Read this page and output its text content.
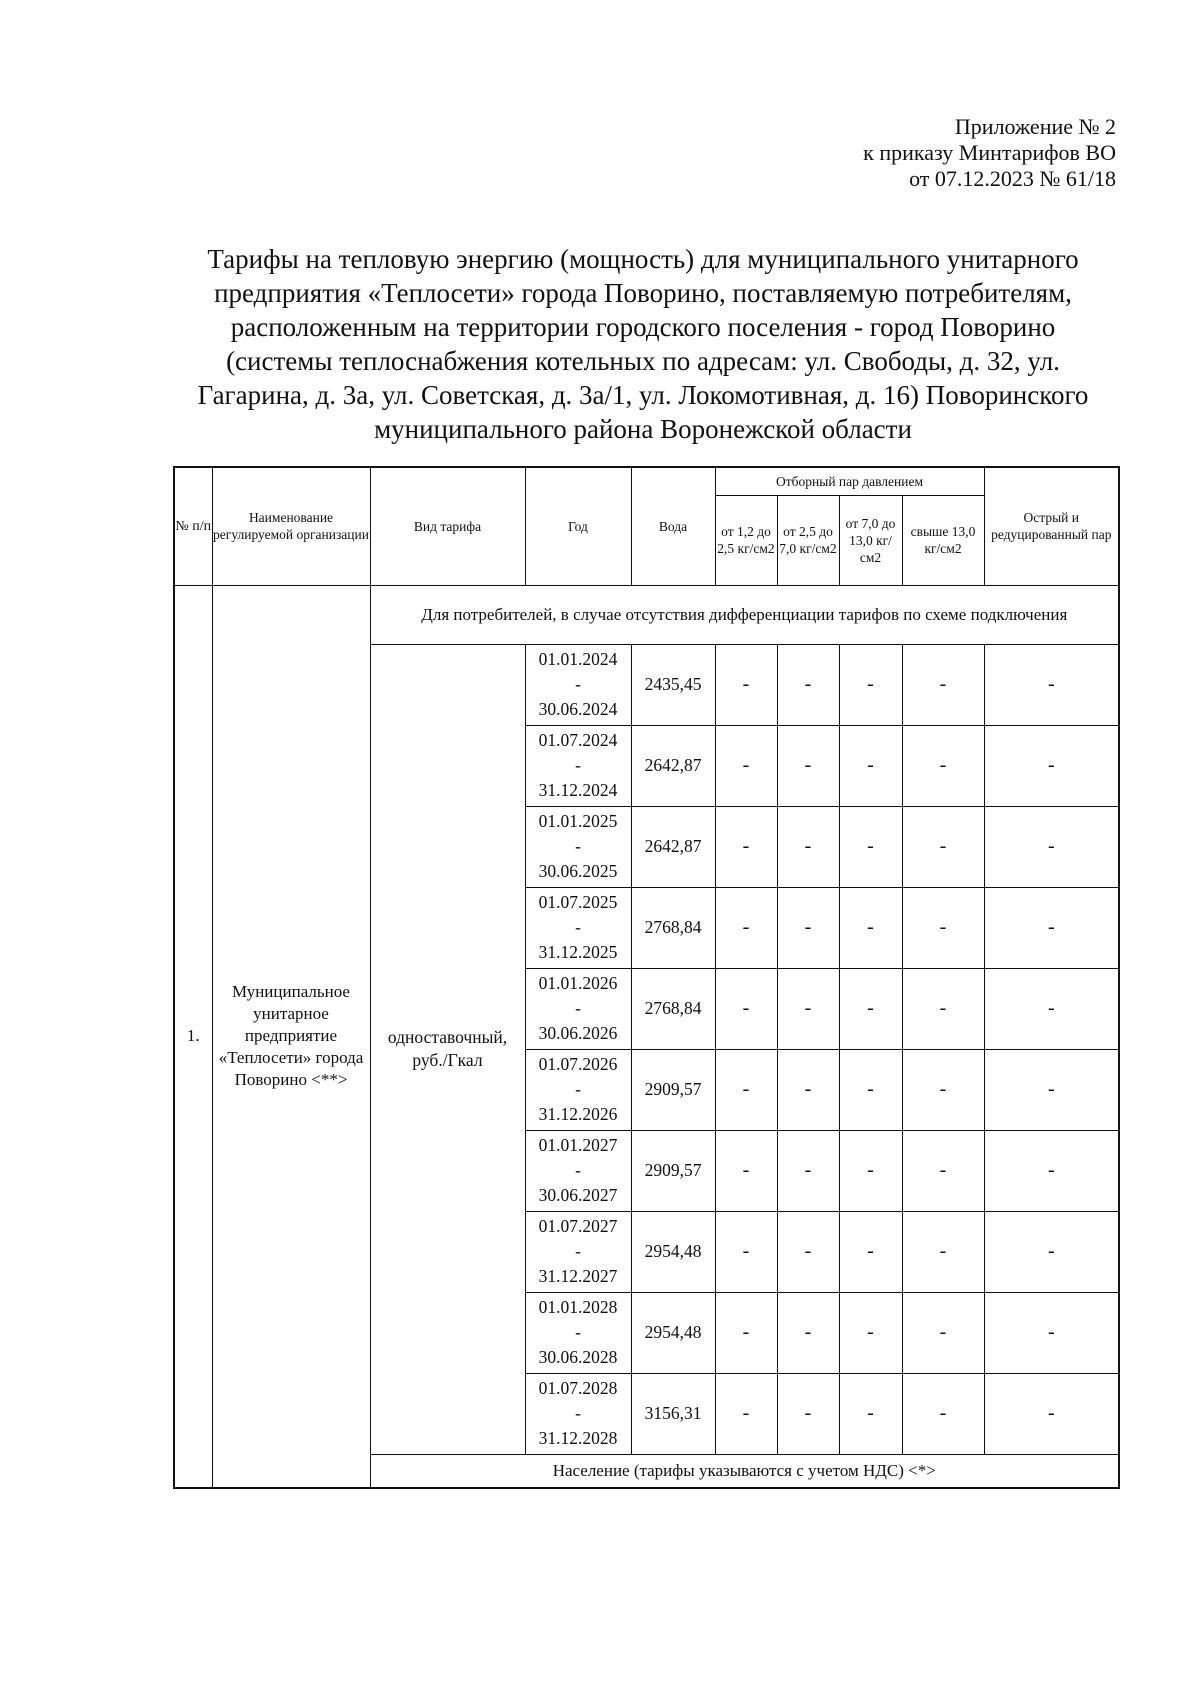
Приложение № 2
к приказу Минтарифов ВО
от 07.12.2023 № 61/18
Тарифы на тепловую энергию (мощность) для муниципального унитарного
предприятия «Теплосети» города Поворино, поставляемую потребителям,
расположенным на территории городского поселения - город Поворино
(системы теплоснабжения котельных по адресам: ул. Свободы, д. 32, ул.
Гагарина, д. 3а, ул. Советская, д. 3а/1, ул. Локомотивная, д. 16) Поворинского
муниципального района Воронежской области
№ п/п	Наименование регулируемой организации	Вид тарифа	Год	Вода	Отборный пар давлением				Острый и редуцированный пар
					от 1,2 до 2,5 кг/см2	от 2,5 до 7,0 кг/см2	от 7,0 до 13,0 кг/см2	свыше 13,0 кг/см2	
1.	Муниципальное унитарное предприятие «Теплосети» города Поворино <**>	Для потребителей, в случае отсутствия дифференциации тарифов по схеме подключения							
		одноставочный, руб./Гкал	01.01.2024
-
30.06.2024	2435,45	-	-	-	-	-

			01.07.2024
-
31.12.2024	2642,87	-	-	-	-	-

			01.01.2025
-
30.06.2025	2642,87	-	-	-	-	-

			01.07.2025
-
31.12.2025	2768,84	-	-	-	-	-

			01.01.2026
-
30.06.2026	2768,84	-	-	-	-	-

			01.07.2026
-
31.12.2026	2909,57	-	-	-	-	-

			01.01.2027
-
30.06.2027	2909,57	-	-	-	-	-

			01.07.2027
-
31.12.2027	2954,48	-	-	-	-	-

			01.01.2028
-
30.06.2028	2954,48	-	-	-	-	-

			01.07.2028
-
31.12.2028	3156,31	-	-	-	-	-
		Население (тарифы указываются с учетом НДС) <*>							
